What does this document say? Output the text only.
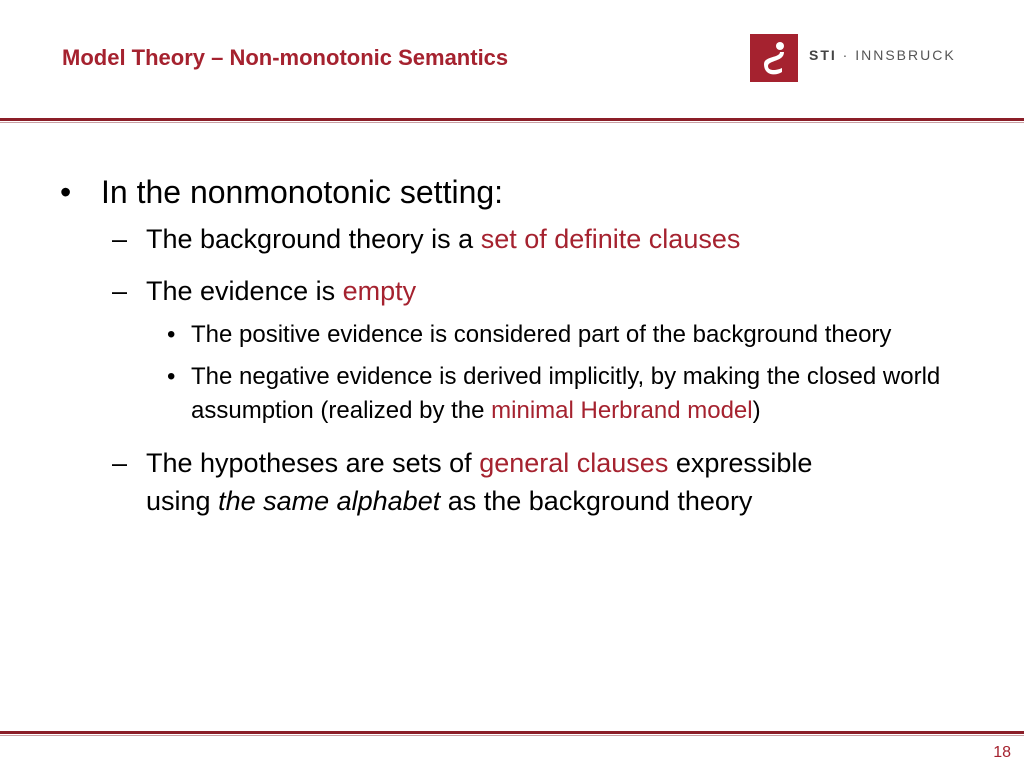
Model Theory – Non-monotonic Semantics	STI · INNSBRUCK
• In the nonmonotonic setting:
– The background theory is a set of definite clauses
– The evidence is empty
• The positive evidence is considered part of the background theory
• The negative evidence is derived implicitly, by making the closed world assumption (realized by the minimal Herbrand model)
– The hypotheses are sets of general clauses expressible using the same alphabet as the background theory
18
